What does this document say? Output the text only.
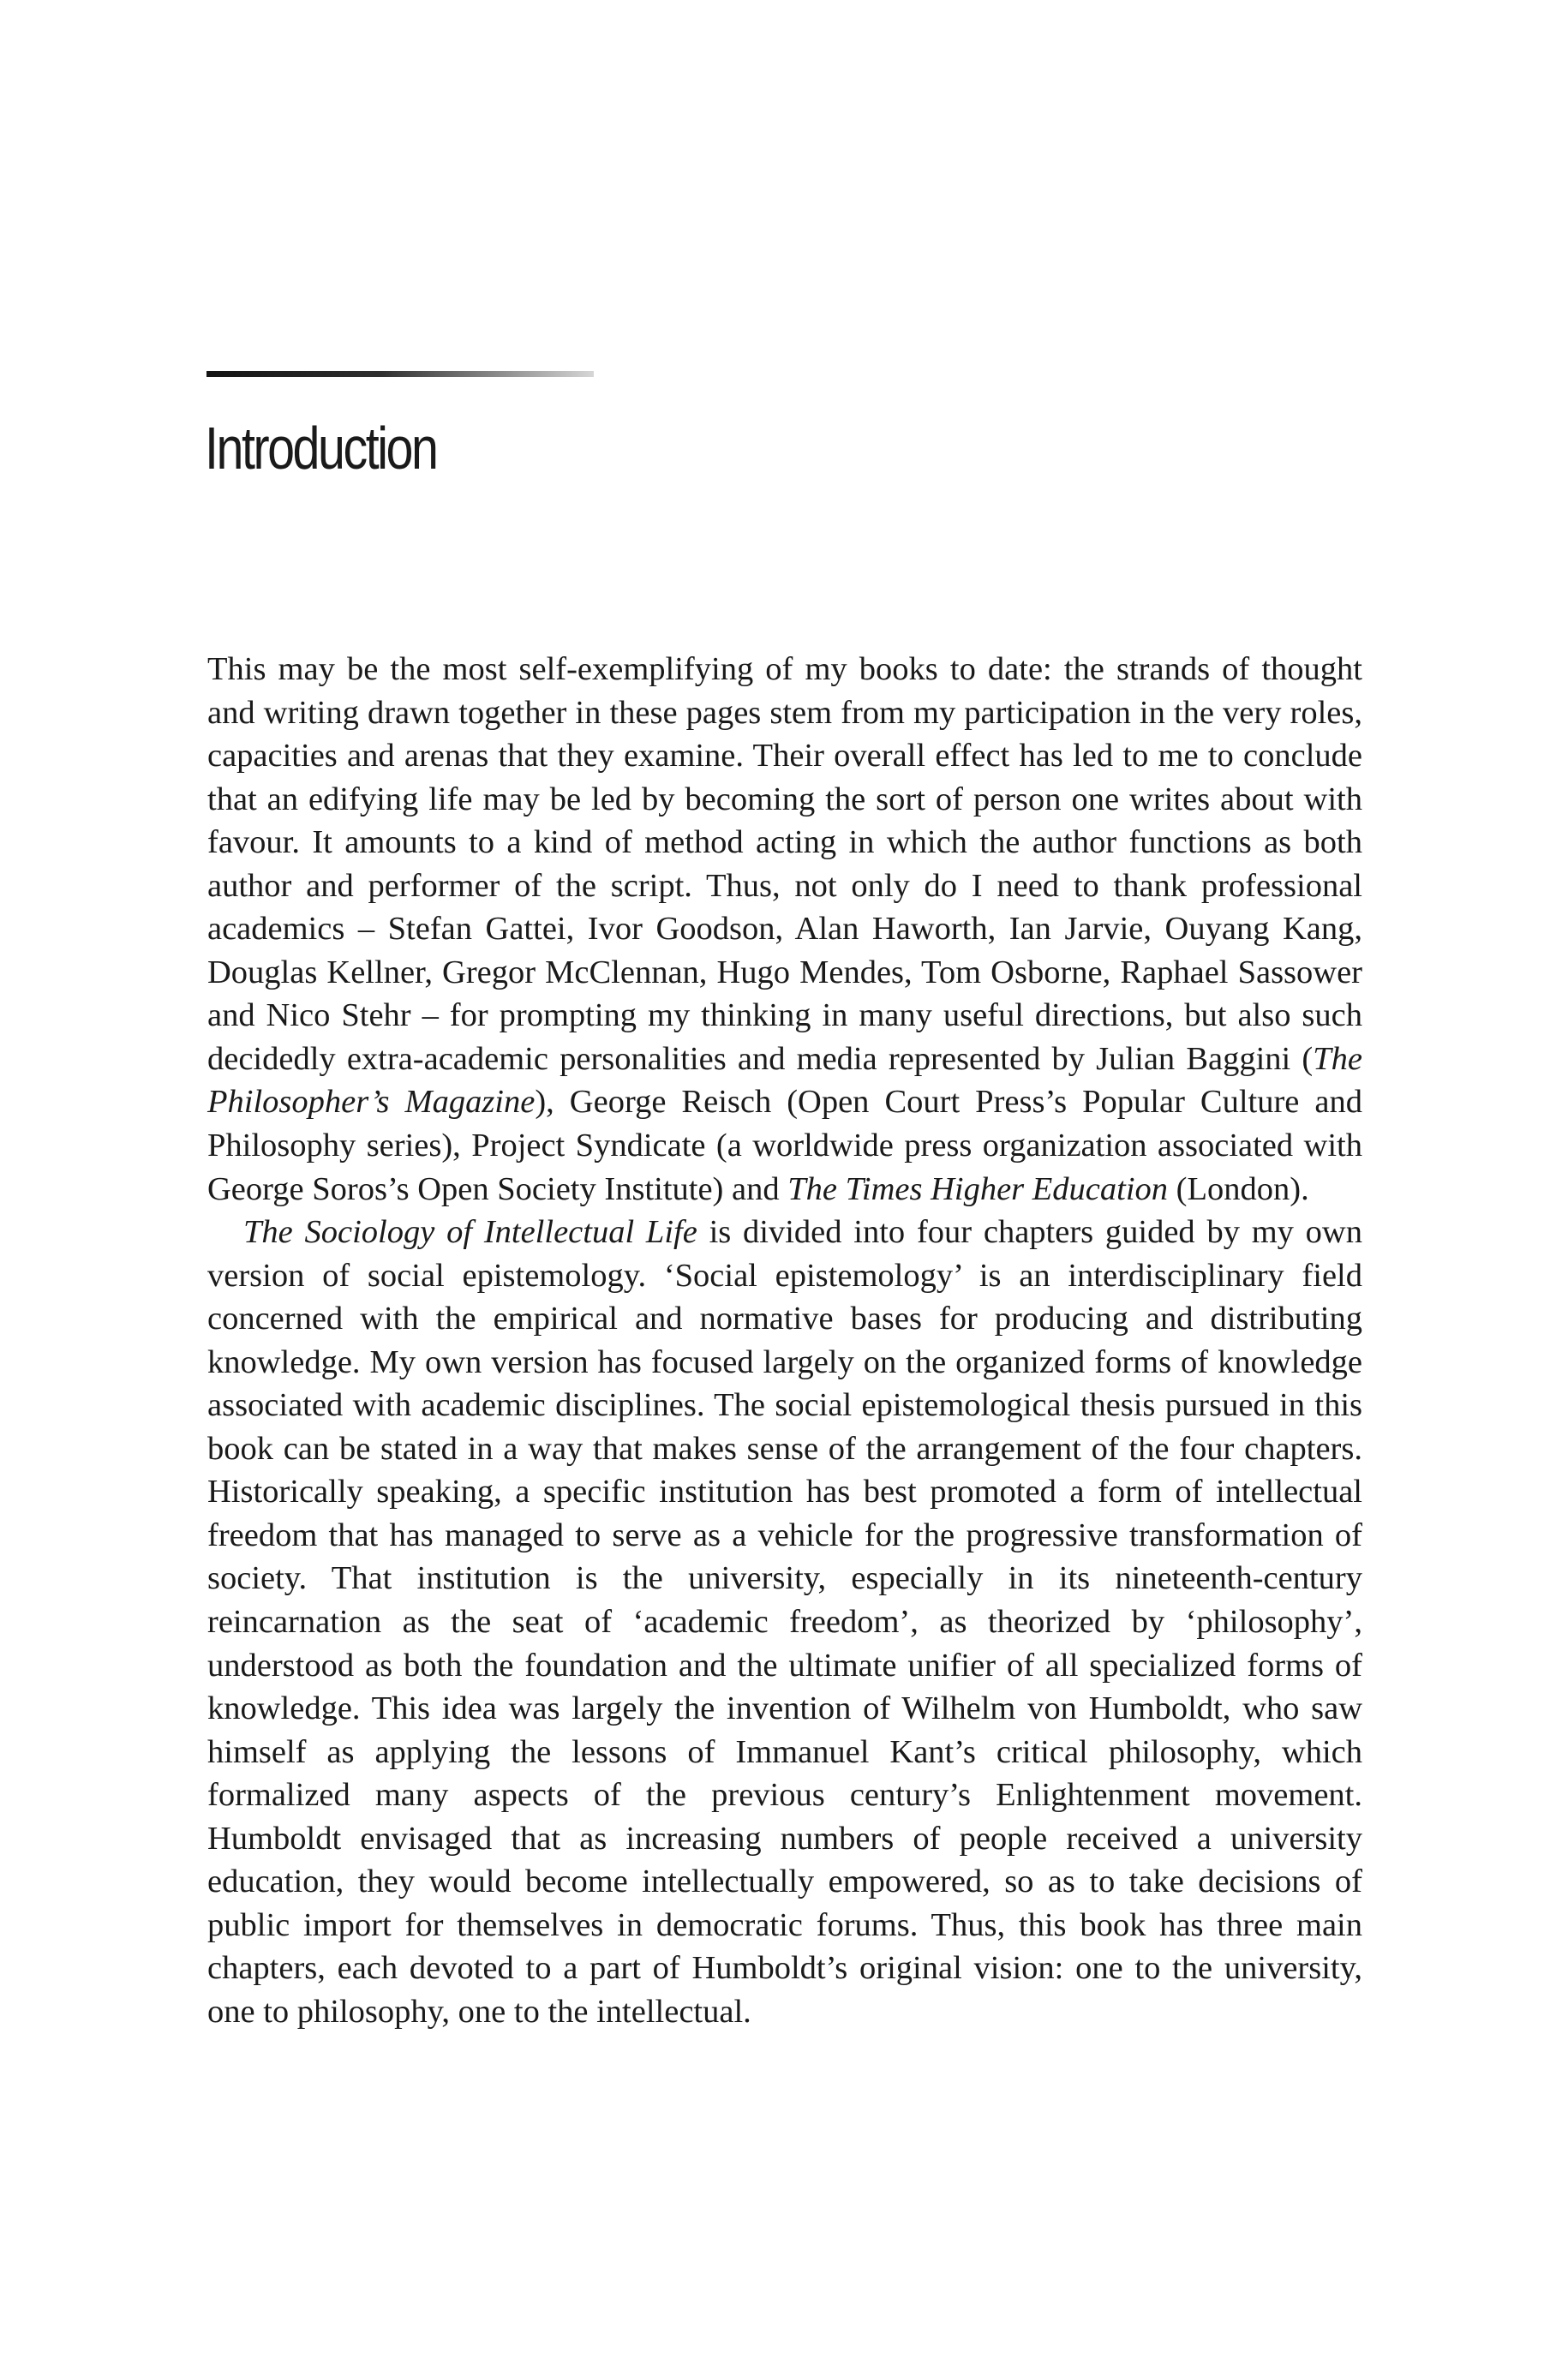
Introduction

This may be the most self-exemplifying of my books to date: the strands of thought and writing drawn together in these pages stem from my participation in the very roles, capacities and arenas that they examine. Their overall effect has led to me to conclude that an edifying life may be led by becoming the sort of person one writes about with favour. It amounts to a kind of method acting in which the author functions as both author and performer of the script. Thus, not only do I need to thank professional academics – Stefan Gattei, Ivor Goodson, Alan Haworth, Ian Jarvie, Ouyang Kang, Douglas Kellner, Gregor McClennan, Hugo Mendes, Tom Osborne, Raphael Sassower and Nico Stehr – for prompting my thinking in many useful directions, but also such decidedly extra-academic personalities and media represented by Julian Baggini (The Philosopher’s Magazine), George Reisch (Open Court Press’s Popular Culture and Philosophy series), Project Syndicate (a worldwide press organization associated with George Soros’s Open Society Institute) and The Times Higher Education (London).

The Sociology of Intellectual Life is divided into four chapters guided by my own version of social epistemology. ‘Social epistemology’ is an interdisciplinary field concerned with the empirical and normative bases for producing and distributing knowledge. My own version has focused largely on the organized forms of knowledge associated with academic disciplines. The social epistemological thesis pursued in this book can be stated in a way that makes sense of the arrangement of the four chapters. Historically speaking, a specific institution has best promoted a form of intellectual freedom that has managed to serve as a vehicle for the progressive transformation of society. That institution is the university, especially in its nineteenth-century reincarnation as the seat of ‘academic freedom’, as theorized by ‘philosophy’, understood as both the foundation and the ultimate unifier of all specialized forms of knowledge. This idea was largely the invention of Wilhelm von Humboldt, who saw himself as applying the lessons of Immanuel Kant’s critical philosophy, which formalized many aspects of the previous century’s Enlightenment movement. Humboldt envisaged that as increasing numbers of people received a university education, they would become intellectually empowered, so as to take decisions of public import for themselves in democratic forums. Thus, this book has three main chapters, each devoted to a part of Humboldt’s original vision: one to the university, one to philosophy, one to the intellectual.
